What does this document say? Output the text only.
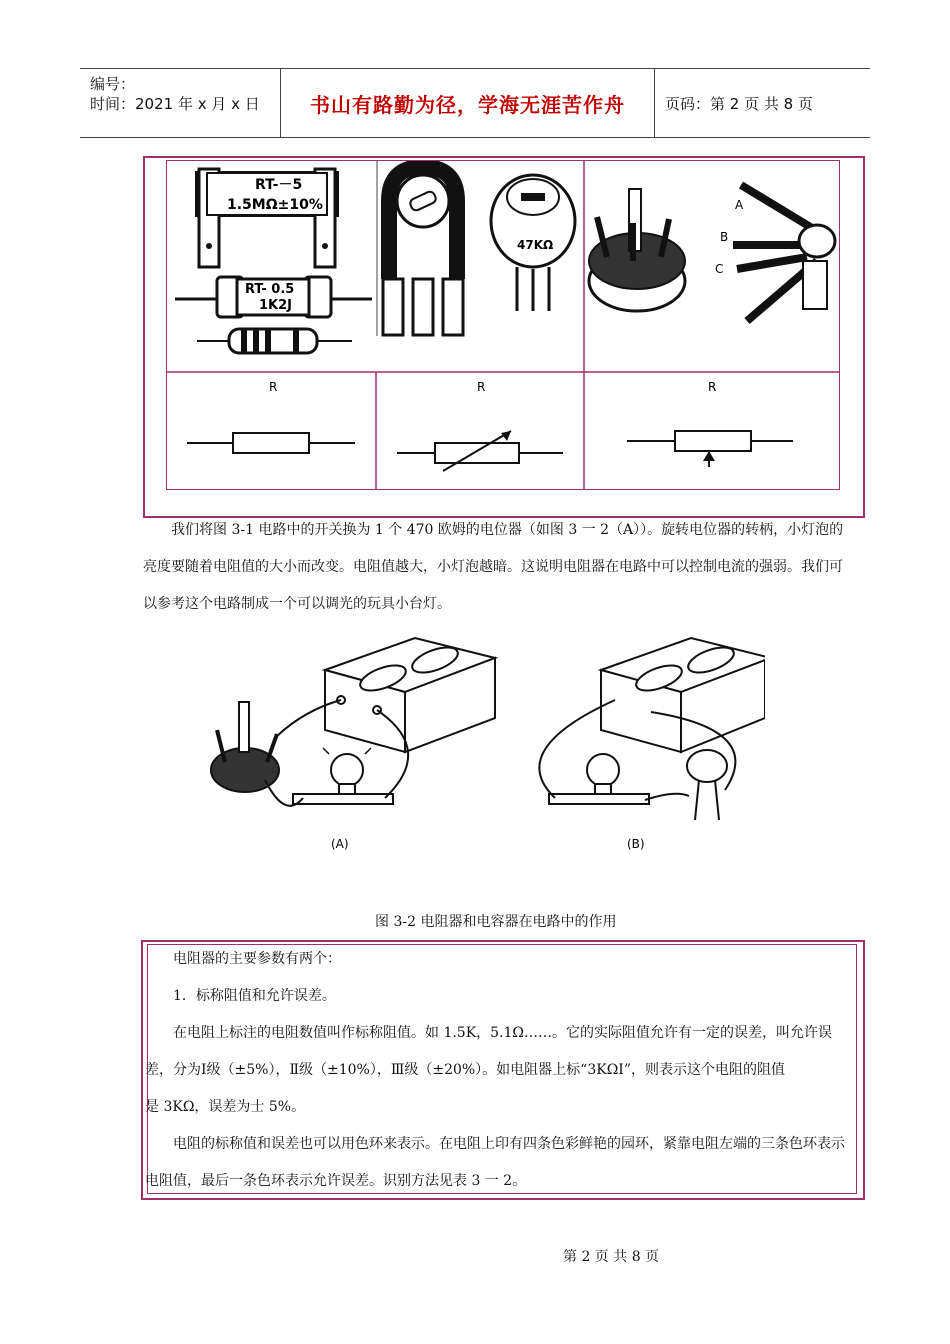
编号：
时间：2021 年 x 月 x 日	书山有路勤为径，学海无涯苦作舟	页码：第 2 页 共 8 页
RT-－5
1.5MΩ±10%
RT- 0.5
1K2J
47KΩ
A
B
C
R	R	R
我们将图 3-1 电路中的开关换为 1 个 470 欧姆的电位器（如图 3 一 2（A））。旋转电位器的转柄，小灯泡的
亮度要随着电阻值的大小而改变。电阻值越大，小灯泡越暗。这说明电阻器在电路中可以控制电流的强弱。我们可
以参考这个电路制成一个可以调光的玩具小台灯。
(A)	(B)
图 3-2 电阻器和电容器在电路中的作用
电阻器的主要参数有两个：
1．标称阻值和允许误差。
在电阻上标注的电阻数值叫作标称阻值。如 1.5K，5.1Ω……。它的实际阻值允许有一定的误差，叫允许误
差，分为Ⅰ级（±5%），Ⅱ级（±10%），Ⅲ级（±20%）。如电阻器上标“3KΩⅠ”，则表示这个电阻的阻值
是 3KΩ，误差为士 5%。
电阻的标称值和误差也可以用色环来表示。在电阻上印有四条色彩鲜艳的园环，紧靠电阻左端的三条色环表示
电阻值，最后一条色环表示允许误差。识别方法见表 3 一 2。
第 2 页 共 8 页
